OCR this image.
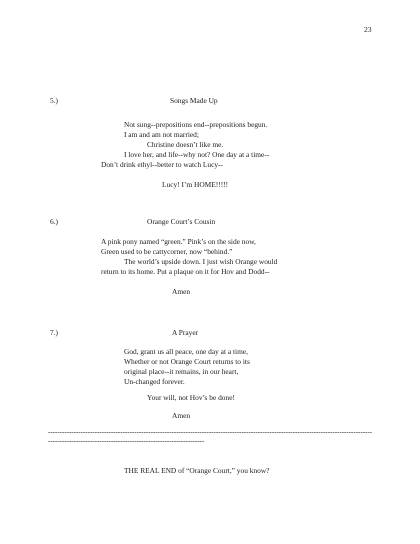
23
5.)	Songs Made Up
Not sung--prepositions end--prepositions begun.
I am and am not married;
Christine doesn’t like me.
I love her, and life--why not? One day at a time--
Don’t drink ethyl--better to watch Lucy--
Lucy! I’m HOME!!!!!
6.)	Orange Court’s Cousin
A pink pony named “green.” Pink’s on the side now,
Green used to be cattycorner, now “behind.”
The world’s upside down. I just wish Orange would
return to its home. Put a plaque on it for Hov and Dodd--
Amen
7.)	A Prayer
God, grant us all peace, one day at a time,
Whether or not Orange Court returns to its
original place--it remains, in our heart,
Un-changed forever.
Your will, not Hov’s be done!
Amen
--------------------------------------------------------------------------------------------------------------------------------------------------------------------------------------------------------------
THE REAL END of “Orange Court,” you know?
